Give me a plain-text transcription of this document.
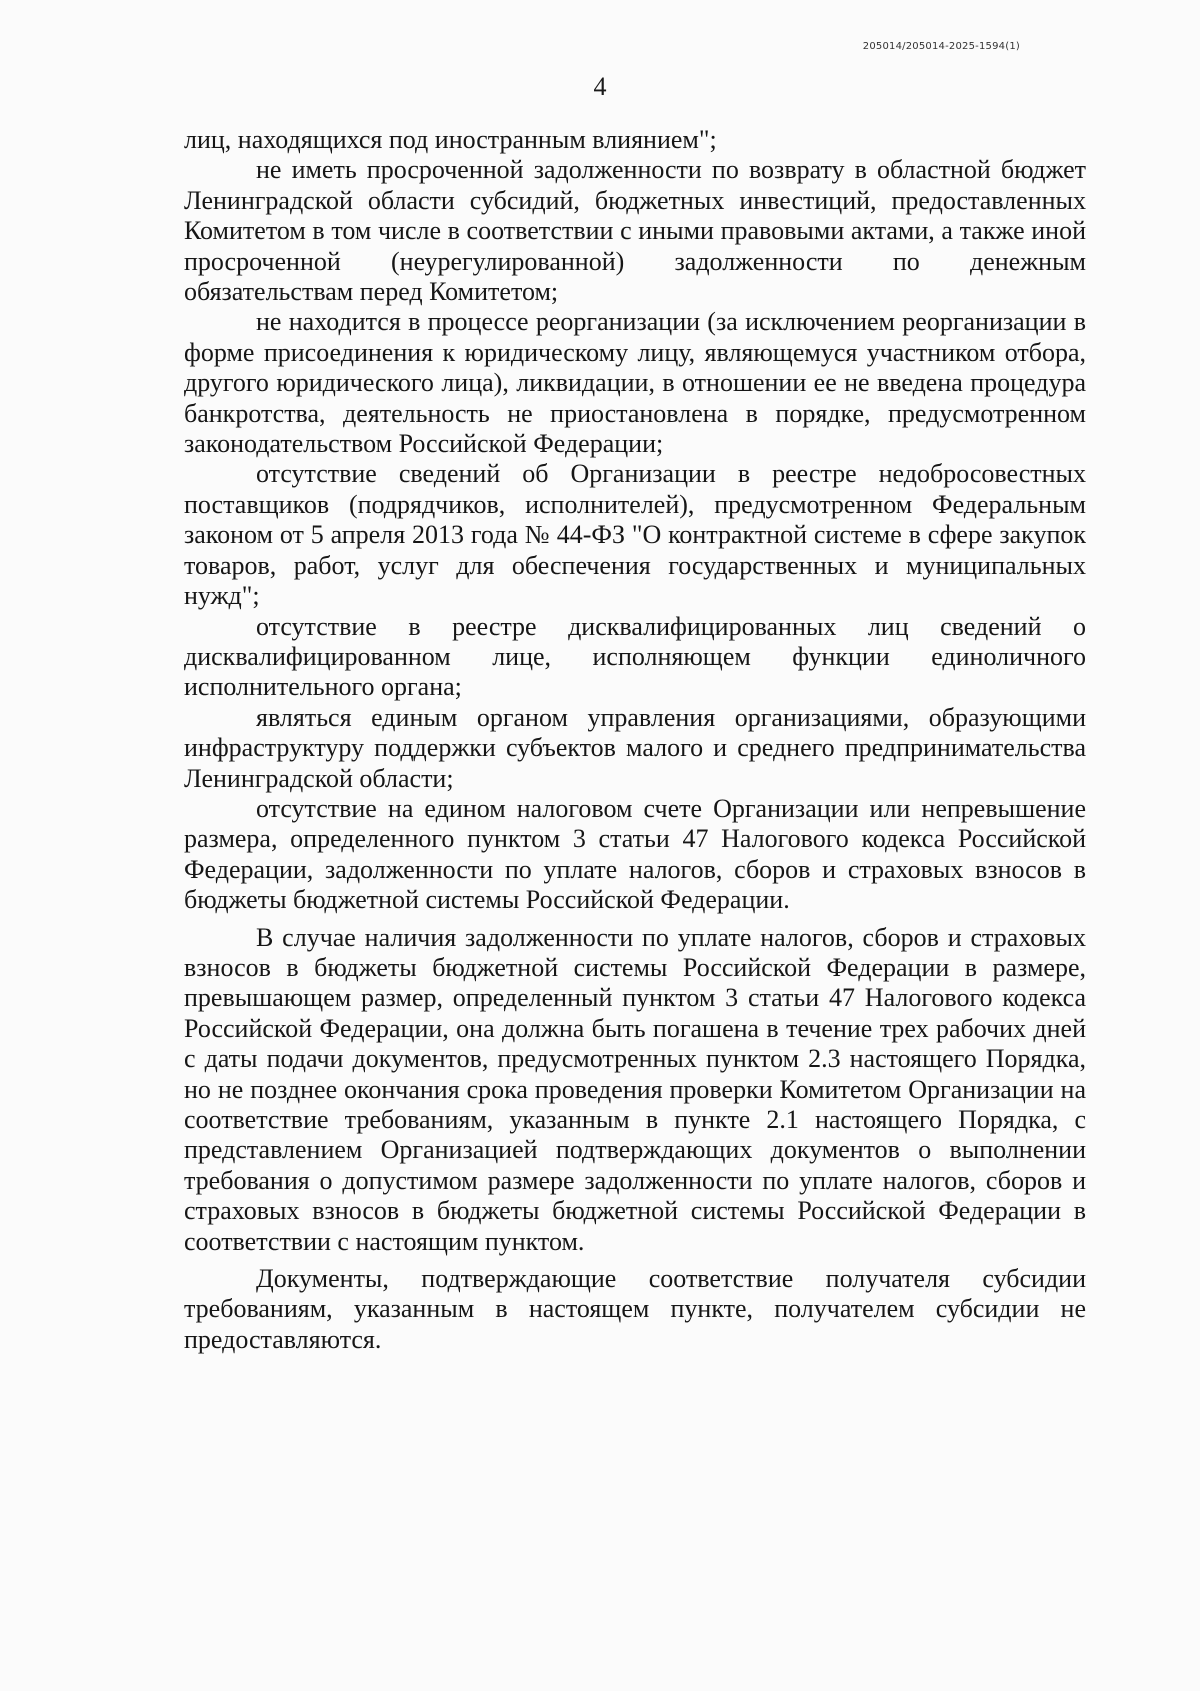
205014/205014-2025-1594(1)
4

лиц, находящихся под иностранным влиянием";

не иметь просроченной задолженности по возврату в областной бюджет Ленинградской области субсидий, бюджетных инвестиций, предоставленных Комитетом в том числе в соответствии с иными правовыми актами, а также иной просроченной (неурегулированной) задолженности по денежным обязательствам перед Комитетом;

не находится в процессе реорганизации (за исключением реорганизации в форме присоединения к юридическому лицу, являющемуся участником отбора, другого юридического лица), ликвидации, в отношении ее не введена процедура банкротства, деятельность не приостановлена в порядке, предусмотренном законодательством Российской Федерации;

отсутствие сведений об Организации в реестре недобросовестных поставщиков (подрядчиков, исполнителей), предусмотренном Федеральным законом от 5 апреля 2013 года № 44-ФЗ "О контрактной системе в сфере закупок товаров, работ, услуг для обеспечения государственных и муниципальных нужд";

отсутствие в реестре дисквалифицированных лиц сведений о дисквалифицированном лице, исполняющем функции единоличного исполнительного органа;

являться единым органом управления организациями, образующими инфраструктуру поддержки субъектов малого и среднего предпринимательства Ленинградской области;

отсутствие на едином налоговом счете Организации или непревышение размера, определенного пунктом 3 статьи 47 Налогового кодекса Российской Федерации, задолженности по уплате налогов, сборов и страховых взносов в бюджеты бюджетной системы Российской Федерации.

В случае наличия задолженности по уплате налогов, сборов и страховых взносов в бюджеты бюджетной системы Российской Федерации в размере, превышающем размер, определенный пунктом 3 статьи 47 Налогового кодекса Российской Федерации, она должна быть погашена в течение трех рабочих дней с даты подачи документов, предусмотренных пунктом 2.3 настоящего Порядка, но не позднее окончания срока проведения проверки Комитетом Организации на соответствие требованиям, указанным в пункте 2.1 настоящего Порядка, с представлением Организацией подтверждающих документов о выполнении требования о допустимом размере задолженности по уплате налогов, сборов и страховых взносов в бюджеты бюджетной системы Российской Федерации в соответствии с настоящим пунктом.

Документы, подтверждающие соответствие получателя субсидии требованиям, указанным в настоящем пункте, получателем субсидии не предоставляются.
